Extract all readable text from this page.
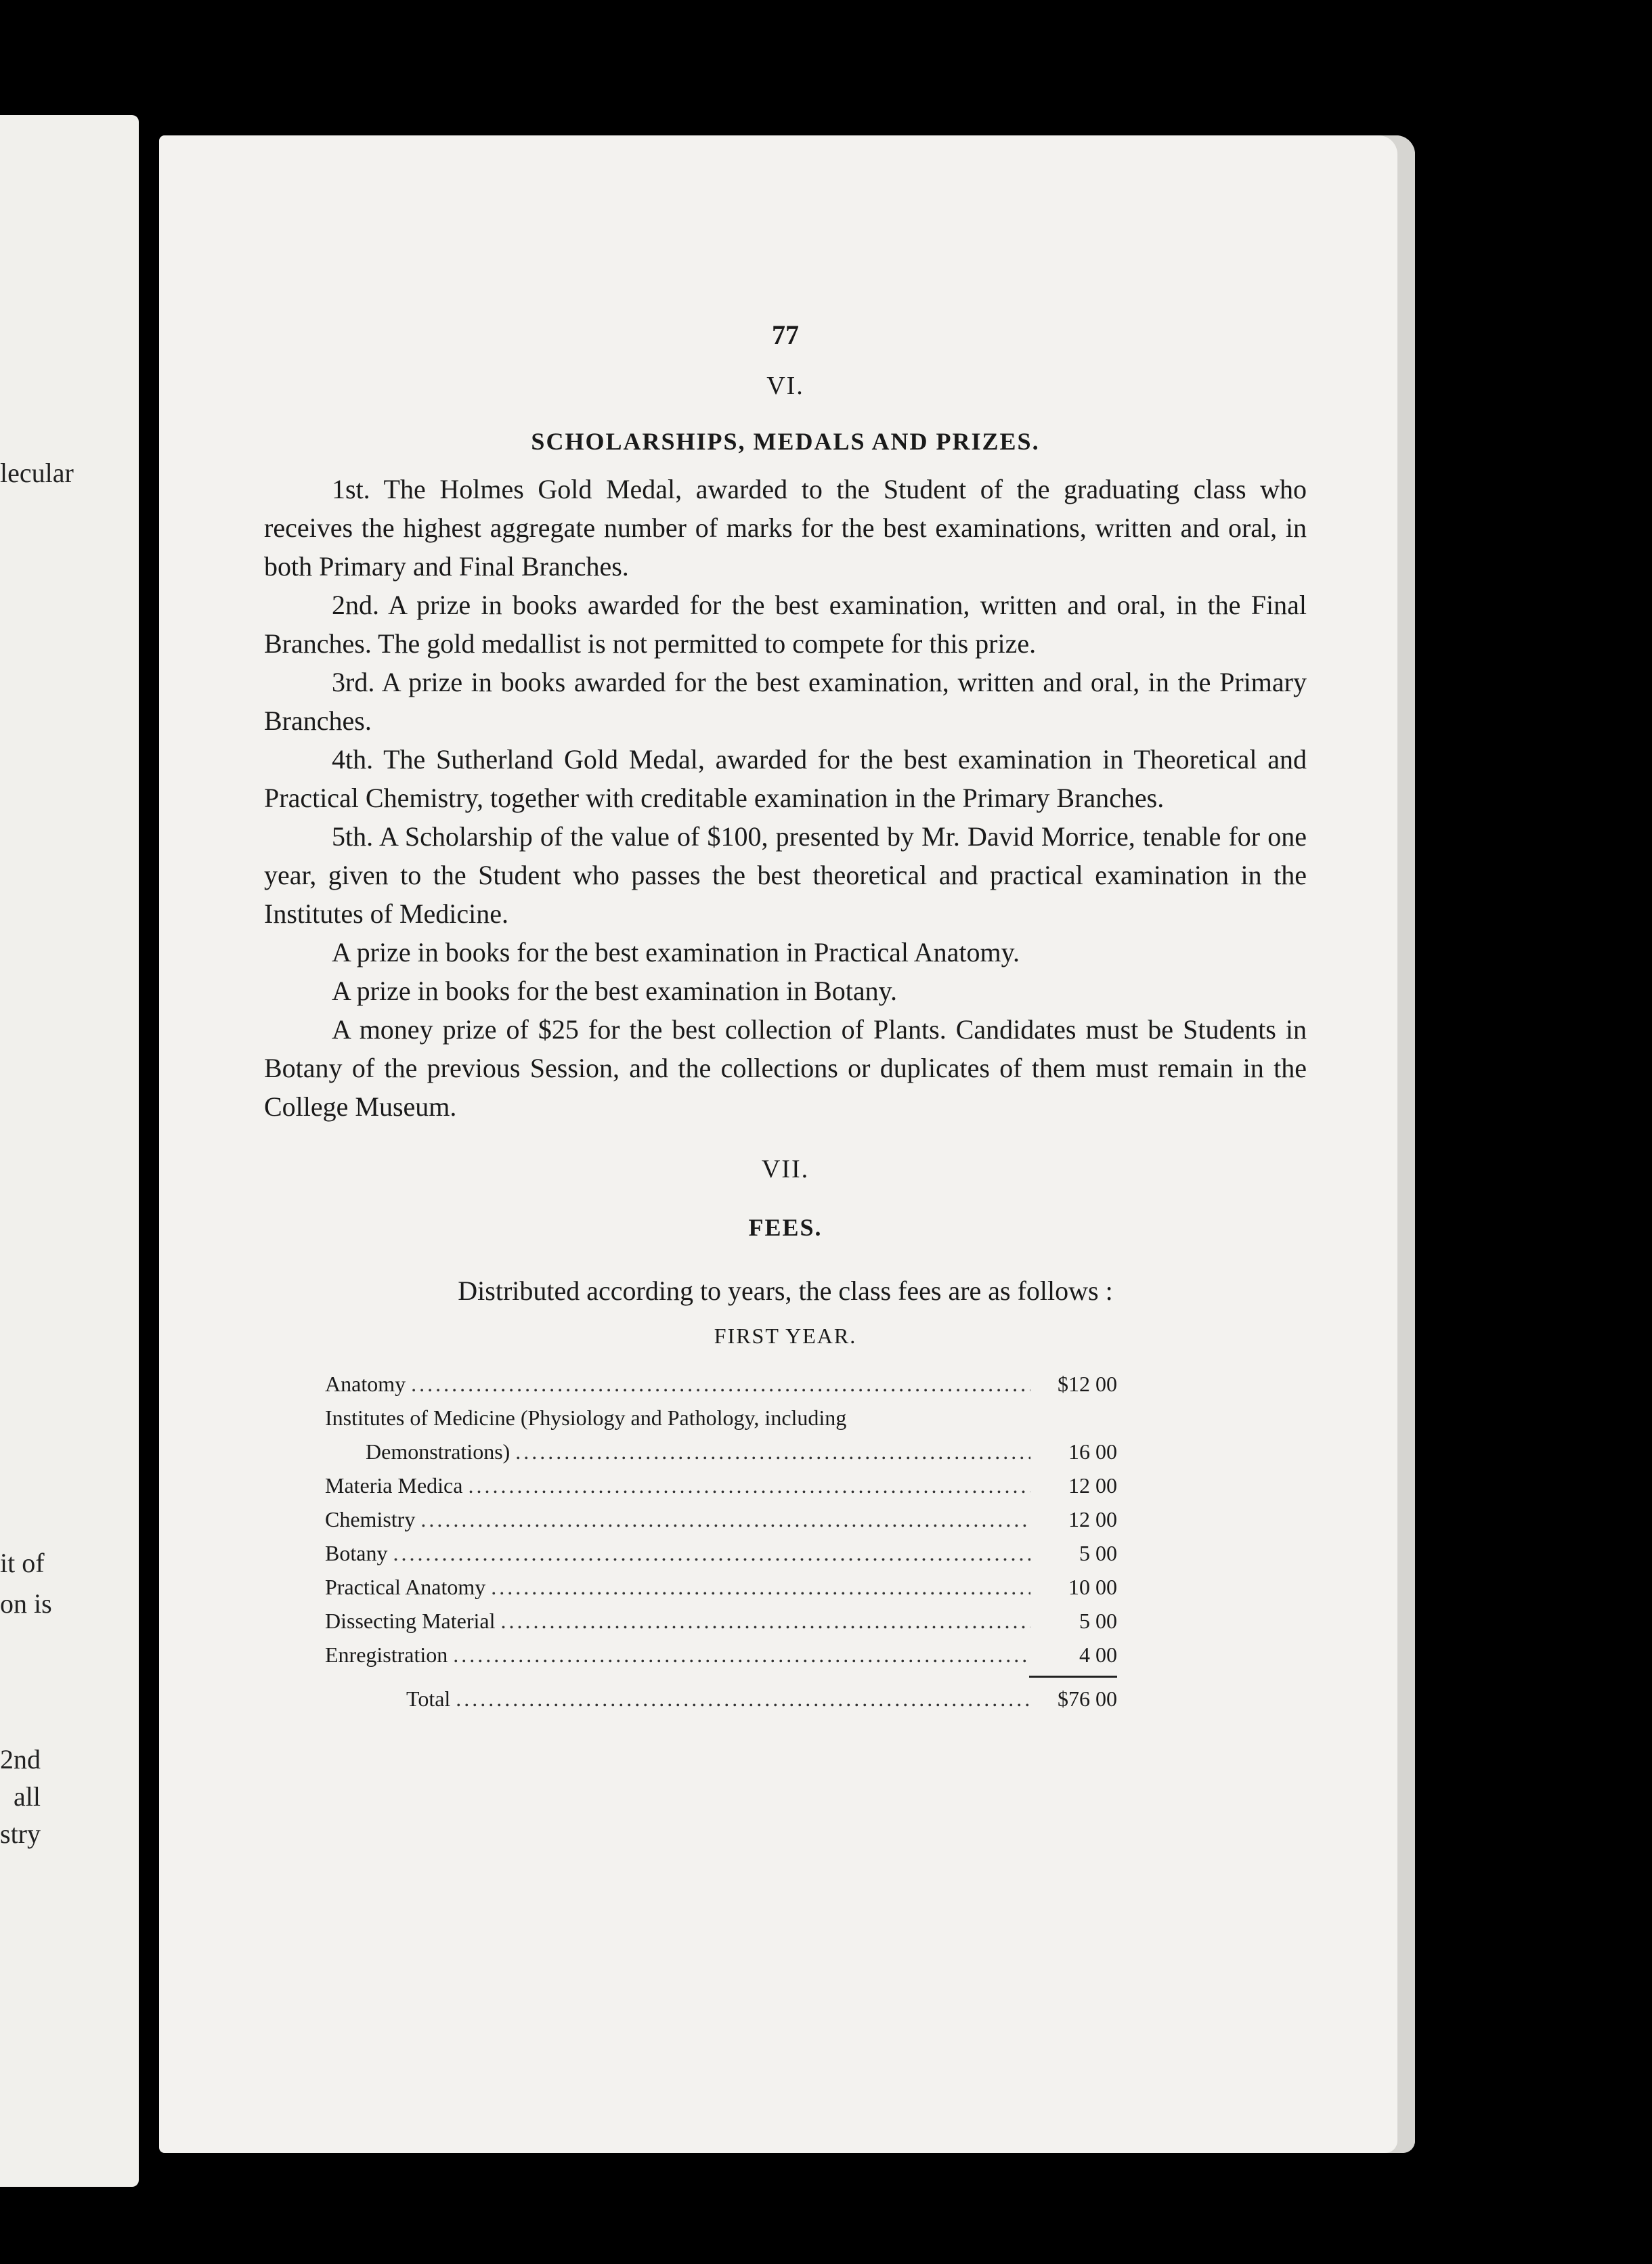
lecular
it of
on is
2nd
all
stry
77
VI.
SCHOLARSHIPS, MEDALS AND PRIZES.

1st. The Holmes Gold Medal, awarded to the Student of the graduating class who receives the highest aggregate number of marks for the best examinations, written and oral, in both Primary and Final Branches.

2nd. A prize in books awarded for the best examination, written and oral, in the Final Branches. The gold medallist is not permitted to compete for this prize.

3rd. A prize in books awarded for the best examination, written and oral, in the Primary Branches.

4th. The Sutherland Gold Medal, awarded for the best examination in Theoretical and Practical Chemistry, together with creditable examination in the Primary Branches.

5th. A Scholarship of the value of $100, presented by Mr. David Morrice, tenable for one year, given to the Student who passes the best theoretical and practical examination in the Institutes of Medicine.

A prize in books for the best examination in Practical Anatomy.

A prize in books for the best examination in Botany.

A money prize of $25 for the best collection of Plants. Candidates must be Students in Botany of the previous Session, and the collections or duplicates of them must remain in the College Museum.

VII.
FEES.

Distributed according to years, the class fees are as follows :

FIRST YEAR.
Anatomy .....	$12 00
Institutes of Medicine (Physiology and Pathology, including
Demonstrations) .....	16 00
Materia Medica .....	12 00
Chemistry .....	12 00
Botany .....	5 00
Practical Anatomy .....	10 00
Dissecting Material .....	5 00
Enregistration .....	4 00
Total .....	$76 00
